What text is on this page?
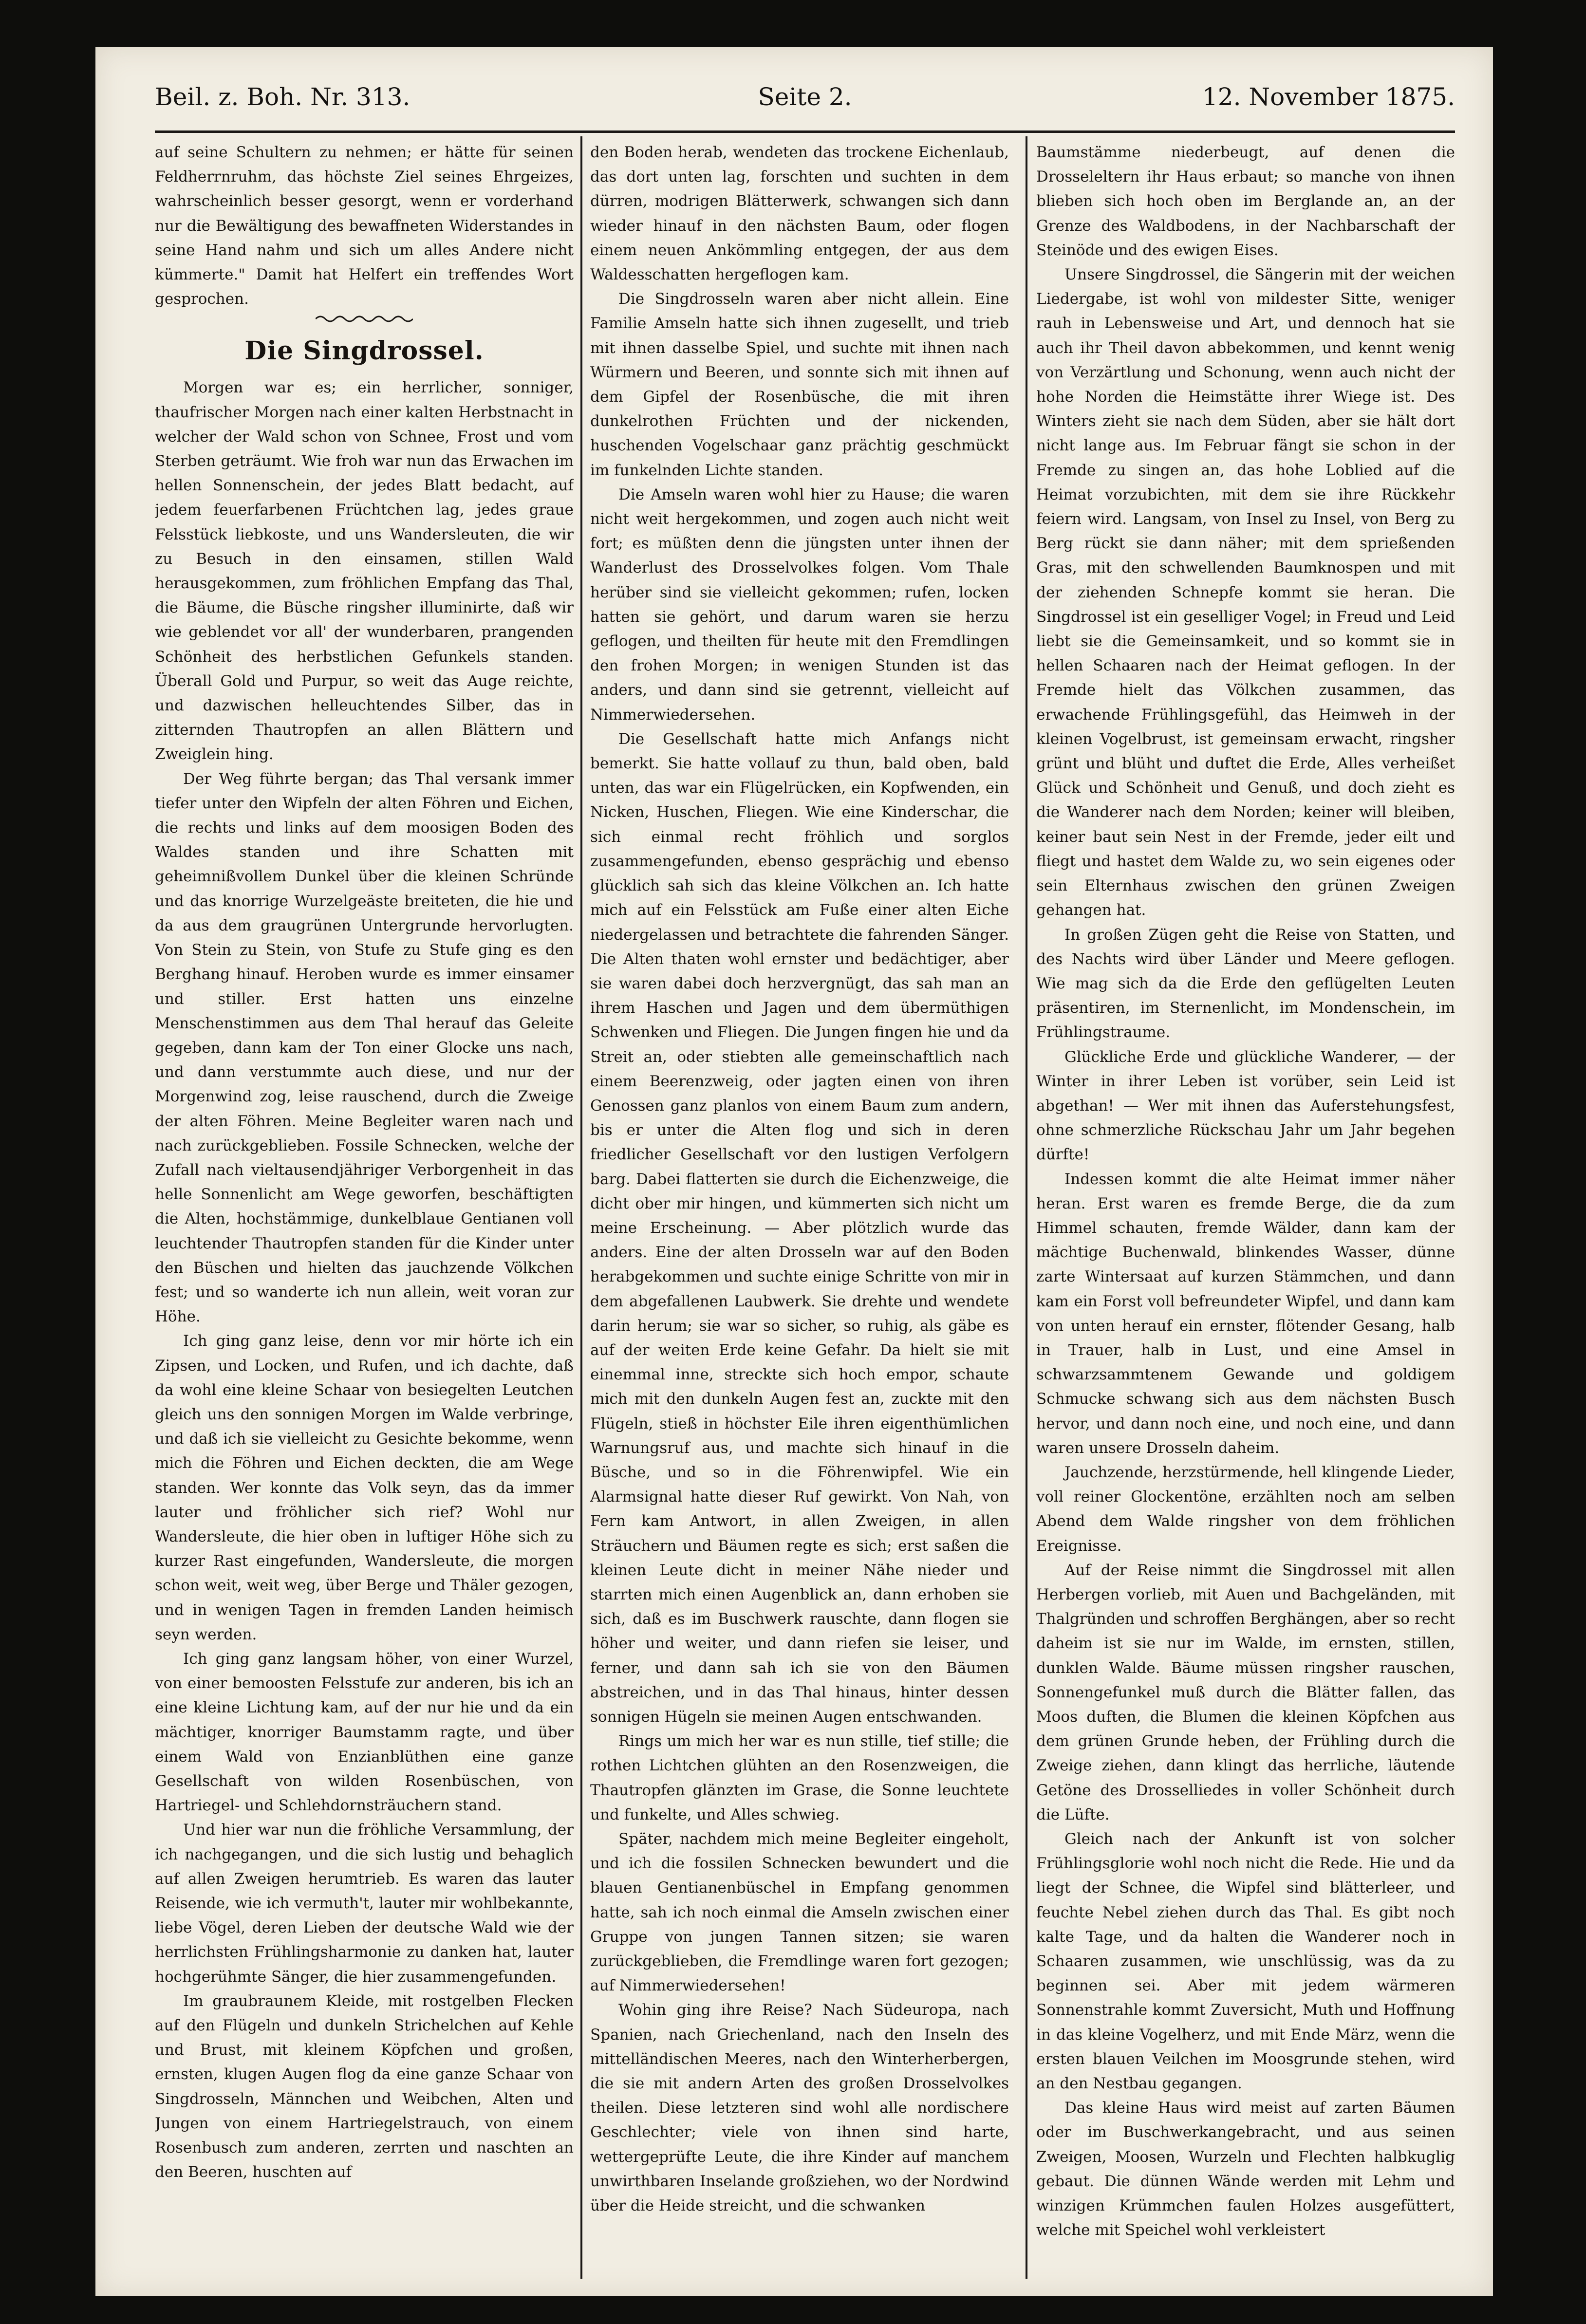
Beil. z. Boh. Nr. 313.	Seite 2.	12. November 1875.

auf seine Schultern zu nehmen; er hätte für seinen Feldherrnruhm, das höchste Ziel seines Ehrgeizes, wahrscheinlich besser gesorgt, wenn er vorderhand nur die Bewältigung des bewaffneten Widerstandes in seine Hand nahm und sich um alles Andere nicht kümmerte." Damit hat Helfert ein treffendes Wort gesprochen.

Die Singdrossel.

Morgen war es; ein herrlicher, sonniger, thaufrischer Morgen nach einer kalten Herbstnacht in welcher der Wald schon von Schnee, Frost und vom Sterben geträumt. Wie froh war nun das Erwachen im hellen Sonnenschein, der jedes Blatt bedacht, auf jedem feuerfarbenen Früchtchen lag, jedes graue Felsstück liebkoste, und uns Wandersleuten, die wir zu Besuch in den einsamen, stillen Wald herausgekommen, zum fröhlichen Empfang das Thal, die Bäume, die Büsche ringsher illuminirte, daß wir wie geblendet vor all' der wunderbaren, prangenden Schönheit des herbstlichen Gefunkels standen. Überall Gold und Purpur, so weit das Auge reichte, und dazwischen helleuchtendes Silber, das in zitternden Thautropfen an allen Blättern und Zweiglein hing.

Der Weg führte bergan; das Thal versank immer tiefer unter den Wipfeln der alten Föhren und Eichen, die rechts und links auf dem moosigen Boden des Waldes standen und ihre Schatten mit geheimnißvollem Dunkel über die kleinen Schründe und das knorrige Wurzelgeäste breiteten, die hie und da aus dem graugrünen Untergrunde hervorlugten. Von Stein zu Stein, von Stufe zu Stufe ging es den Berghang hinauf. Heroben wurde es immer einsamer und stiller. Erst hatten uns einzelne Menschenstimmen aus dem Thal herauf das Geleite gegeben, dann kam der Ton einer Glocke uns nach, und dann verstummte auch diese, und nur der Morgenwind zog, leise rauschend, durch die Zweige der alten Föhren. Meine Begleiter waren nach und nach zurückgeblieben. Fossile Schnecken, welche der Zufall nach vieltausendjähriger Verborgenheit in das helle Sonnenlicht am Wege geworfen, beschäftigten die Alten, hochstämmige, dunkelblaue Gentianen voll leuchtender Thautropfen standen für die Kinder unter den Büschen und hielten das jauchzende Völkchen fest; und so wanderte ich nun allein, weit voran zur Höhe.

Ich ging ganz leise, denn vor mir hörte ich ein Zipsen, und Locken, und Rufen, und ich dachte, daß da wohl eine kleine Schaar von besiegelten Leutchen gleich uns den sonnigen Morgen im Walde verbringe, und daß ich sie vielleicht zu Gesichte bekomme, wenn mich die Föhren und Eichen deckten, die am Wege standen. Wer konnte das Volk seyn, das da immer lauter und fröhlicher sich rief? Wohl nur Wandersleute, die hier oben in luftiger Höhe sich zu kurzer Rast eingefunden, Wandersleute, die morgen schon weit, weit weg, über Berge und Thäler gezogen, und in wenigen Tagen in fremden Landen heimisch seyn werden.

Ich ging ganz langsam höher, von einer Wurzel, von einer bemoosten Felsstufe zur anderen, bis ich an eine kleine Lichtung kam, auf der nur hie und da ein mächtiger, knorriger Baumstamm ragte, und über einem Wald von Enzianblüthen eine ganze Gesellschaft von wilden Rosenbüschen, von Hartriegel- und Schlehdornsträuchern stand.

Und hier war nun die fröhliche Versammlung, der ich nachgegangen, und die sich lustig und behaglich auf allen Zweigen herumtrieb. Es waren das lauter Reisende, wie ich vermuth't, lauter mir wohlbekannte, liebe Vögel, deren Lieben der deutsche Wald wie der herrlichsten Frühlingsharmonie zu danken hat, lauter hochgerühmte Sänger, die hier zusammengefunden.

Im graubraunem Kleide, mit rostgelben Flecken auf den Flügeln und dunkeln Strichelchen auf Kehle und Brust, mit kleinem Köpfchen und großen, ernsten, klugen Augen flog da eine ganze Schaar von Singdrosseln, Männchen und Weibchen, Alten und Jungen von einem Hartriegelstrauch, von einem Rosenbusch zum anderen, zerrten und naschten an den Beeren, huschten auf

den Boden herab, wendeten das trockene Eichenlaub, das dort unten lag, forschten und suchten in dem dürren, modrigen Blätterwerk, schwangen sich dann wieder hinauf in den nächsten Baum, oder flogen einem neuen Ankömmling entgegen, der aus dem Waldesschatten hergeflogen kam.

Die Singdrosseln waren aber nicht allein. Eine Familie Amseln hatte sich ihnen zugesellt, und trieb mit ihnen dasselbe Spiel, und suchte mit ihnen nach Würmern und Beeren, und sonnte sich mit ihnen auf dem Gipfel der Rosenbüsche, die mit ihren dunkelrothen Früchten und der nickenden, huschenden Vogelschaar ganz prächtig geschmückt im funkelnden Lichte standen.

Die Amseln waren wohl hier zu Hause; die waren nicht weit hergekommen, und zogen auch nicht weit fort; es müßten denn die jüngsten unter ihnen der Wanderlust des Drosselvolkes folgen. Vom Thale herüber sind sie vielleicht gekommen; rufen, locken hatten sie gehört, und darum waren sie herzu geflogen, und theilten für heute mit den Fremdlingen den frohen Morgen; in wenigen Stunden ist das anders, und dann sind sie getrennt, vielleicht auf Nimmerwiedersehen.

Die Gesellschaft hatte mich Anfangs nicht bemerkt. Sie hatte vollauf zu thun, bald oben, bald unten, das war ein Flügelrücken, ein Kopfwenden, ein Nicken, Huschen, Fliegen. Wie eine Kinderschar, die sich einmal recht fröhlich und sorglos zusammengefunden, ebenso gesprächig und ebenso glücklich sah sich das kleine Völkchen an. Ich hatte mich auf ein Felsstück am Fuße einer alten Eiche niedergelassen und betrachtete die fahrenden Sänger. Die Alten thaten wohl ernster und bedächtiger, aber sie waren dabei doch herzvergnügt, das sah man an ihrem Haschen und Jagen und dem übermüthigen Schwenken und Fliegen. Die Jungen fingen hie und da Streit an, oder stiebten alle gemeinschaftlich nach einem Beerenzweig, oder jagten einen von ihren Genossen ganz planlos von einem Baum zum andern, bis er unter die Alten flog und sich in deren friedlicher Gesellschaft vor den lustigen Verfolgern barg. Dabei flatterten sie durch die Eichenzweige, die dicht ober mir hingen, und kümmerten sich nicht um meine Erscheinung. — Aber plötzlich wurde das anders. Eine der alten Drosseln war auf den Boden herabgekommen und suchte einige Schritte von mir in dem abgefallenen Laubwerk. Sie drehte und wendete darin herum; sie war so sicher, so ruhig, als gäbe es auf der weiten Erde keine Gefahr. Da hielt sie mit einemmal inne, streckte sich hoch empor, schaute mich mit den dunkeln Augen fest an, zuckte mit den Flügeln, stieß in höchster Eile ihren eigenthümlichen Warnungsruf aus, und machte sich hinauf in die Büsche, und so in die Föhrenwipfel. Wie ein Alarmsignal hatte dieser Ruf gewirkt. Von Nah, von Fern kam Antwort, in allen Zweigen, in allen Sträuchern und Bäumen regte es sich; erst saßen die kleinen Leute dicht in meiner Nähe nieder und starrten mich einen Augenblick an, dann erhoben sie sich, daß es im Buschwerk rauschte, dann flogen sie höher und weiter, und dann riefen sie leiser, und ferner, und dann sah ich sie von den Bäumen abstreichen, und in das Thal hinaus, hinter dessen sonnigen Hügeln sie meinen Augen entschwanden.

Rings um mich her war es nun stille, tief stille; die rothen Lichtchen glühten an den Rosenzweigen, die Thautropfen glänzten im Grase, die Sonne leuchtete und funkelte, und Alles schwieg.

Später, nachdem mich meine Begleiter eingeholt, und ich die fossilen Schnecken bewundert und die blauen Gentianenbüschel in Empfang genommen hatte, sah ich noch einmal die Amseln zwischen einer Gruppe von jungen Tannen sitzen; sie waren zurückgeblieben, die Fremdlinge waren fort gezogen; auf Nimmerwiedersehen!

Wohin ging ihre Reise? Nach Südeuropa, nach Spanien, nach Griechenland, nach den Inseln des mittelländischen Meeres, nach den Winterherbergen, die sie mit andern Arten des großen Drosselvolkes theilen. Diese letzteren sind wohl alle nordischere Geschlechter; viele von ihnen sind harte, wettergeprüfte Leute, die ihre Kinder auf manchem unwirthbaren Inselande großziehen, wo der Nordwind über die Heide streicht, und die schwanken

Baumstämme niederbeugt, auf denen die Drosseleltern ihr Haus erbaut; so manche von ihnen blieben sich hoch oben im Berglande an, an der Grenze des Waldbodens, in der Nachbarschaft der Steinöde und des ewigen Eises.

Unsere Singdrossel, die Sängerin mit der weichen Liedergabe, ist wohl von mildester Sitte, weniger rauh in Lebensweise und Art, und dennoch hat sie auch ihr Theil davon abbekommen, und kennt wenig von Verzärtlung und Schonung, wenn auch nicht der hohe Norden die Heimstätte ihrer Wiege ist. Des Winters zieht sie nach dem Süden, aber sie hält dort nicht lange aus. Im Februar fängt sie schon in der Fremde zu singen an, das hohe Loblied auf die Heimat vorzubichten, mit dem sie ihre Rückkehr feiern wird. Langsam, von Insel zu Insel, von Berg zu Berg rückt sie dann näher; mit dem sprießenden Gras, mit den schwellenden Baumknospen und mit der ziehenden Schnepfe kommt sie heran. Die Singdrossel ist ein geselliger Vogel; in Freud und Leid liebt sie die Gemeinsamkeit, und so kommt sie in hellen Schaaren nach der Heimat geflogen. In der Fremde hielt das Völkchen zusammen, das erwachende Frühlingsgefühl, das Heimweh in der kleinen Vogelbrust, ist gemeinsam erwacht, ringsher grünt und blüht und duftet die Erde, Alles verheißet Glück und Schönheit und Genuß, und doch zieht es die Wanderer nach dem Norden; keiner will bleiben, keiner baut sein Nest in der Fremde, jeder eilt und fliegt und hastet dem Walde zu, wo sein eigenes oder sein Elternhaus zwischen den grünen Zweigen gehangen hat.

In großen Zügen geht die Reise von Statten, und des Nachts wird über Länder und Meere geflogen. Wie mag sich da die Erde den geflügelten Leuten präsentiren, im Sternenlicht, im Mondenschein, im Frühlingstraume.

Glückliche Erde und glückliche Wanderer, — der Winter in ihrer Leben ist vorüber, sein Leid ist abgethan! — Wer mit ihnen das Auferstehungsfest, ohne schmerzliche Rückschau Jahr um Jahr begehen dürfte!

Indessen kommt die alte Heimat immer näher heran. Erst waren es fremde Berge, die da zum Himmel schauten, fremde Wälder, dann kam der mächtige Buchenwald, blinkendes Wasser, dünne zarte Wintersaat auf kurzen Stämmchen, und dann kam ein Forst voll befreundeter Wipfel, und dann kam von unten herauf ein ernster, flötender Gesang, halb in Trauer, halb in Lust, und eine Amsel in schwarzsammtenem Gewande und goldigem Schmucke schwang sich aus dem nächsten Busch hervor, und dann noch eine, und noch eine, und dann waren unsere Drosseln daheim.

Jauchzende, herzstürmende, hell klingende Lieder, voll reiner Glockentöne, erzählten noch am selben Abend dem Walde ringsher von dem fröhlichen Ereignisse.

Auf der Reise nimmt die Singdrossel mit allen Herbergen vorlieb, mit Auen und Bachgeländen, mit Thalgründen und schroffen Berghängen, aber so recht daheim ist sie nur im Walde, im ernsten, stillen, dunklen Walde. Bäume müssen ringsher rauschen, Sonnengefunkel muß durch die Blätter fallen, das Moos duften, die Blumen die kleinen Köpfchen aus dem grünen Grunde heben, der Frühling durch die Zweige ziehen, dann klingt das herrliche, läutende Getöne des Drosselliedes in voller Schönheit durch die Lüfte.

Gleich nach der Ankunft ist von solcher Frühlingsglorie wohl noch nicht die Rede. Hie und da liegt der Schnee, die Wipfel sind blätterleer, und feuchte Nebel ziehen durch das Thal. Es gibt noch kalte Tage, und da halten die Wanderer noch in Schaaren zusammen, wie unschlüssig, was da zu beginnen sei. Aber mit jedem wärmeren Sonnenstrahle kommt Zuversicht, Muth und Hoffnung in das kleine Vogelherz, und mit Ende März, wenn die ersten blauen Veilchen im Moosgrunde stehen, wird an den Nestbau gegangen.

Das kleine Haus wird meist auf zarten Bäumen oder im Buschwerkangebracht, und aus seinen Zweigen, Moosen, Wurzeln und Flechten halbkuglig gebaut. Die dünnen Wände werden mit Lehm und winzigen Krümmchen faulen Holzes ausgefüttert, welche mit Speichel wohl verkleistert
